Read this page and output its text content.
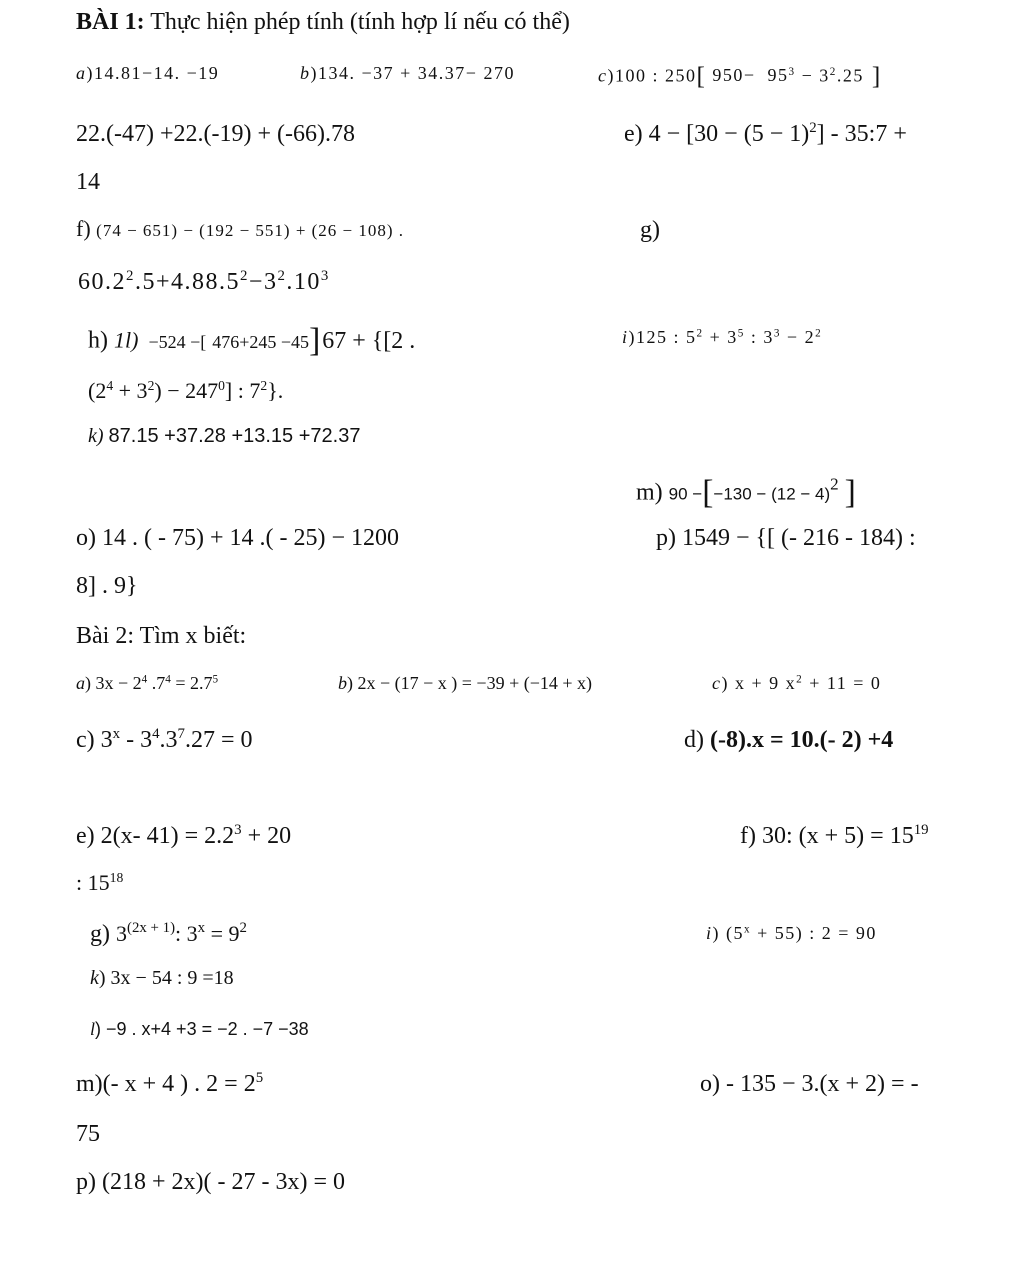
BÀI 1: Thực hiện phép tính (tính hợp lí nếu có thể)
a)14.81−14. −19	b)134. −37 + 34.37− 270	c)100 : 250[ $950- 95^3 - 3^2.25$ ]
22.(-47) +22.(-19) + (-66).78	e) $4 - [30 - (5 - 1)^2]$ - 35:7 +
14
f) (74 − 651) − (192 − 551) + (26 − 108) .	g)
$60.2^2.5+4.88.5^2-3^2.10^3$
h) 1l) −524 −[ 476+245 −45]67 + {[2 .	i)125 : $5^2 + 3^5$ : $3^3 - 2^2$
$(2^4 + 3^2) - 247^0$] : $7^2$}.
k) 87.15 +37.28 +13.15 +72.37
m) $90 -[-130 - (12 - 4)^2$ ]
o) 14 . ( - 75) + 14 .( - 25) − 1200	p) 1549 − {[ (- 216 - 184) :
8] . 9}
Bài 2: Tìm x biết:
a) $3x - 2^4$ $.7^4 = 2.7^5$	b) 2x − (17 − x ) = −39 + (−14 + x)	c) x + 9 $x^2 + 11 = 0$
c) $3^x - 3^4.3^7.27 = 0$	d) (-8).x = 10.(- 2) +4
e) 2(x- $41) = 2.2^3 + 20$	f) 30: $(x + 5) = 15^{19}$
: $15^{18}$
g) $3^{(2x + 1)}$: $3^x = 9^2$	i) $(5^x + 55)$ : 2 = 90
k) 3x − 54 : 9 =18
l) −9 . x+4 +3 = −2 . −7 −38
m)(- x + 4 ) . $2 = 2^5$	o) - 135 − 3.(x + 2) = -
75
p) (218 + 2x)( - 27 - 3x) = 0
